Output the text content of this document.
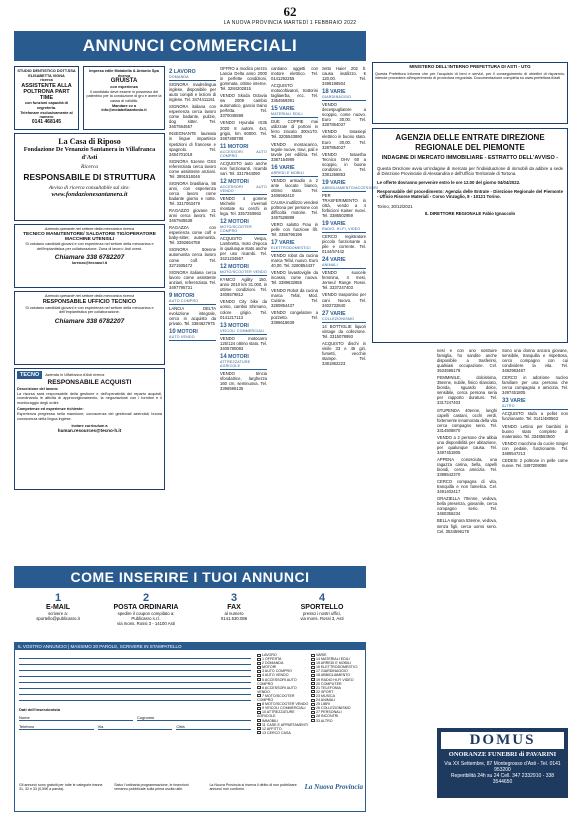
62
LA NUOVA PROVINCIA MARTEDÌ 1 FEBBRAIO 2022
ANNUNCI COMMERCIALI
STUDIO DENTISTICO DOTT.SSA ELISABETTA VIGNA
ricerca
ASSISTENTE ALLA POLTRONA PART TIME
con funzioni capacità di segreteria.
Telefonare esclusivamente al numero
0141 468145
Impresa edile Moiabella & Antonio Spa
ricerca
GRUISTA
con esperienza
Il candidato deve essere in possesso del patentino per la conduzione di gru e avere la cassa di validità.
Mandare cv a
info@moiabellaantonio.it
La Casa di Riposo
Fondazione De Venanzio Santanera in Villafranca d'Asti
Ricerca
RESPONSABILE DI STRUTTURA
Avviso di ricerca consultabile sul sito:
www.fondazionesantanera.it
Azienda operante nel settore della meccanica ricerca
TECNICO MANUTENTORE/ SALDATORE TIG/OPERATORE MACCHINE UTENSILI
Si valutano candidati giovani e con esperienza nel settore della meccanica e dell'impiantistica per collaborazione. Zona di lavoro: Asti ovest.
Chiamare 338 6782207
lorenzo@tecnasrl.it
Azienda operante nel settore della meccanica ricerca
RESPONSABILE UFFICIO TECNICO
Si valutano candidati giovani e con esperienza nel settore della meccanica e dell'impiantistica per collaborazione.
Chiamare 338 6782207
TECNO	Azienda in Villafranca d'Asti ricerca
RESPONSABILE ACQUISTI
Descrizione del lavoro:
La risorsa sarà responsabile della gestione e dell'operatività del reparto acquisti, coordinando le attività di approvvigionamento, la negoziazione con i fornitori e il monitoraggio degli ordini.
Competenze ed esperienze richieste:
Esperienza pregressa nella mansione; conoscenza dei gestionali aziendali; buona conoscenza della lingua inglese.
Inviare curriculum a
human.resources@tecno-h.it
2 LAVORO
DOMANDA
SIGNORA madrelingua inglese, disponibile per aiuto compiti e lezioni di inglese. Tel. 3474411151
SIGNORA italiana con esperienza cerca lavoro come badante, pulizie, dog sitter. Tel. 3467564557
INSEGNANTE laureata in lingue impartisce ripetizioni di francese e spagnolo. Tel. 3464701018
SIGNORA 51enne OSS referenziata cerca lavoro come assistente anziani. Tel. 3891516046
SIGNORA brasiliana, 56 anni, con esperienza cerca lavoro come badante giorno e notte. Tel. 3317063479
RAGAZZO giovane 21 anni cerca lavoro. Tel. 3467945538
RAGAZZA con esperienza come colf e baby-sitter, automunita. Tel. 3392664759
SIGNORA 50enne automunita cerca lavoro come colf. Tel. 3271935472
SIGNORA italiana cerca lavoro come assistente anziani, referenziata. Tel. 3497795731
9 MOTORI
AUTO COMPRO
LANCIA DELTA evoluzione integrale, cerco in acquisto da privato. Tel. 3384627975
10 MOTORI
AUTO VENDO
OFFRO a modico prezzo Lancia Delta anno 2000 in perfette condizioni, gommata, ottime interne. Tel. 3284202815
VENDO Skoda Octavia sw 2009 cambio automatico, gancio traino perfetta. Tel. 3370045598
VENDO Hyundai IX35 2020 8 autom. 4x4, grigio, km 60000. Tel. 3487468788
11 MOTORI
ACCESSORI AUTO COMPRO
ACQUISTO auto anche non funzionanti, ricambi vari. Tel. 3317944090
12 MOTORI
ACCESSORI AUTO VENDO
VENDO 4 gomme Michelin invernali montate su cerchi in lega. Tel. 3357250862
12 MOTORI
MOTO/SCOOTER COMPRO
ACQUISTO Vespa, Lambretta, moto d'epoca in qualunque stato anche per uso ricambi. Tel. 3421234567
12 MOTORI
MOTO/SCOOTER VENDO
KYMCO Agility 150, anno 2010 km 31.000, in ottime condizioni. Tel. 3406579812
VENDO City bike da uomo, cambio Shimano, colore grigio. Tel. 0141217113
13 MOTORI
VEICOLI COMMERCIALI
VENDO motocarro 125/124 ottimo stato. Tel. 3405780083
14 MOTORI
ATTREZZATURE AGRICOLE
VENDO trincia sfondatrice, larghezza 160 cm, seminuova. Tel. 3396596135
cantiano oggetti con motore elettrico. Tel. 0141292255
ACQUISTO motocoltivatori, trattorini tagliaerba, ecc. Tel. 3354569391
15 VARIE
MATERIALI EDILI
DUE COPPIE mai utilizzate di portoni in ferro zincato 300x170. Tel. 3205543890
VENDO montacarico, tegole nuove, travi, pali e tavole per edilizia. Tel. 3387154989
16 VARIE
ARREDI E MOBILI
VENDO armadio a 2 ante laccato bianco, ottimo stato. Tel. 3406592410
CAUSA inutilizzo vendesi poltrona per persone con difficoltà motorie. Tel. 3467526889
VERO salotto Frau in pelle con funzione lift. Tel. 3356796196
17 VARIE
ELETTRODOMESTICI
VENDO robot da cucina marca Tefal, nuovo. Euro 40,00. Tel. 3280854437
VENDO lavastoviglie da incasso, come nuova. Tel. 3389632855
VENDO Robot da cucina marca Tefal, Mod. Cuisine. Tel. 3280854437
VENDO congelatore a pozzetto. Tel. 3396618639
zetto Haier 202 lt. causa inutilizzo. € 120,00. Tel. 3496196504
18 VARIE
GIARDINAGGIO
VENDO decespugliatore a scoppio, come nuovo. Euro 30,00. Tel. 3287854037
VENDO tosasiepi elettrico in buono stato. Euro 30,00. Tel. 3287854037
VENDO tosaerba Tecnico OHV 60 a scoppio, in buone condizioni. Tel. 3381258853
19 VARIE
ABBIGLIAMENTO/ACCESSORI
PER TRASFERIMENTO in città, vendo a 4 forbicioni Kaiser nuovi. Tel. 3386502959
19 VARIE
RADIO, HI-FI, VIDEO
CERCO registratore piccolo funzionante a pile e corrente. Tel. 0144/57442
24 VARIE
ANIMALI
VENDO suocele femmina, 4 mesi, Jerseul Range Rosei. Tel. 3337247403
VENDO trasportino per cani Nuovo. Tel. 3402732840
27 VARIE
COLLEZIONISMO
14 BOTTIGLIE liquori vintage da collezione. Tel. 3315078993
ACQUISTO dischi in vinile 33 e 45 giri, fumetti, vecchie stampe. Tel. 3381862223
MINISTERO DELL'INTERNO PREFETTURA DI ASTI - UTG
Questa Prefettura informa che per l'acquisto di beni e servizi, per il conseguimento di obiettivi di risparmio, intende procedere all'esperimento di procedura negoziata. Documentazione completa su www.prefettura.it/asti
AGENZIA DELLE ENTRATE DIREZIONE REGIONALE DEL PIEMONTE
INDAGINE DI MERCATO IMMOBILIARE - ESTRATTO DELL'AVVISO -
Questa Direzione avvia un'indagine di mercato per l'individuazione di immobili da adibire a sede di Direzione Provinciale di Alessandria e dell'Ufficio Territoriale di Tortona.
Le offerte dovranno pervenire entro le ore 12.00 del giorno 04/04/2022.
Responsabile del procedimento: Agenzia delle Entrate - Direzione Regionale del Piemonte - Ufficio Risorse Materiali - Corso Vinzaglio, 8 - 10121 Torino.
Torino, 30/12/2021
IL DIRETTORE REGIONALE Fabio Ignaccolo
nesi e con uno sostruire famiglia, ho sandite anche disponibile a trasferirsi, qualsiasi occupazione. Cel. 3534596178
FEMMINILE, dolcissima, 35enne, nubile, fisico slanciato, bionda, sguardo dolce, sensibile, cerca persona seria per rapporto duraturo. Tel. 3317247403
STUPENDA 40enne, lunghi capelli castani, occhi verdi, fortemente innamorata della vita cerca compagno serio. Tel. 3314508870
VENDO a 2 persone che abbia una disponibilità per abitazione, per qualunque causa. Tel. 3497451805
APPENA conosciuta, una ragazza carina, bella, capelli biondi, cerca amicizia. Tel. 3398542370
CERCO compagna di vita, tranquilla e non famelica. Cel. 3491402417
GRAZIELLA 70enne, vedova, bella presenza, giovanile, cerca compagno serio. Tel. 3460356234
BELLA signora 53enne, vedova, senza figli, cerca uomo serio. Cel. 3534596178
Sono una donna ancora giovane, sensibile, tranquilla e rispettosa, cerco compagno con cui condividere la vita. Tel. 3482983467
CERCO in adozione nucleo familiare per una persona che cerca compagnia e amicizia. Tel. 3497451805
33 VARIE
ALTRO
ACQUISTO stufa a pellet non funzionante. Tel. 0141/480563
VENDO Lettino per bambini in buono stato completo di materasso. Tel. 3348583500
VENDO macchina da cucire Singer con pedale, funzionante. Tel. 3489547213
CEDESI 2 poltrone in pelle come nuove. Tel. 3497209088
DOMUS
ONORANZE FUNEBRI di PAVARINI
Via XX Settembre, 87 Montegrosso d'Asti - Tel. 0141 953200
Reperibilità 24h su 24 Cell. 347 2332910 - 338 3544650
COME INSERIRE I TUOI ANNUNCI
1
E-MAIL
scrivere a:
sportello@publicasro.it
2
POSTA ORDINARIA
spedire il coupon compilato a:
Publicasro s.r.l.
via mons. Rossi 3 - 14100 Asti
3
FAX
al numero
0141.530.086
4
SPORTELLO
presso i nostri uffici,
via mons. Rossi 3, Asti
IL VOSTRO ANNUNCIO | MASSIMO 20 PAROLE, SCRIVERE IN STAMPATELLO
Dati dell'inserzionista
Nome	Cognome
Telefono	Via	Città
LAVORO
1 OFFERTA
2 DOMANDA
MOTORI
3 AUTO COMPRO
4 AUTO VENDO
5 ACCESSORI AUTO COMPRO
6 ACCESSORI AUTO VENDO
7 MOTO/SCOOTER COMPRO
8 MOTO/SCOOTER VENDO
9 VEICOLI COMMERCIALI
10 ATTREZZATURE AGRICOLE
IMMOBILI
11 CASE E APPARTAMENTI
12 AFFITTO
13 CERCO CASA
VARIE
14 MATERIALI EDILI
15 ARREDI E MOBILI
16 ELETTRODOMESTICI
17 GIARDINAGGIO
18 ABBIGLIAMENTO
19 RADIO HI-FI VIDEO
20 COMPUTER
21 TELEFONIA
22 SPORT
23 MUSICA
24 ANIMALI
25 LIBRI
26 COLLEZIONISMO
27 PERSONALI
28 INCONTRI
33 ALTRO
Gli annunci sono gratuiti per tutte le categorie tranne 31, 32 e 33 (0,50€ a parola).
Salvo l'ordinaria programmazione, le inserzioni verranno pubblicate sulla prima uscita utile.
La Nuova Provincia si riserva il diritto di non pubblicare annunci non conformi.	La Nuova Provincia
